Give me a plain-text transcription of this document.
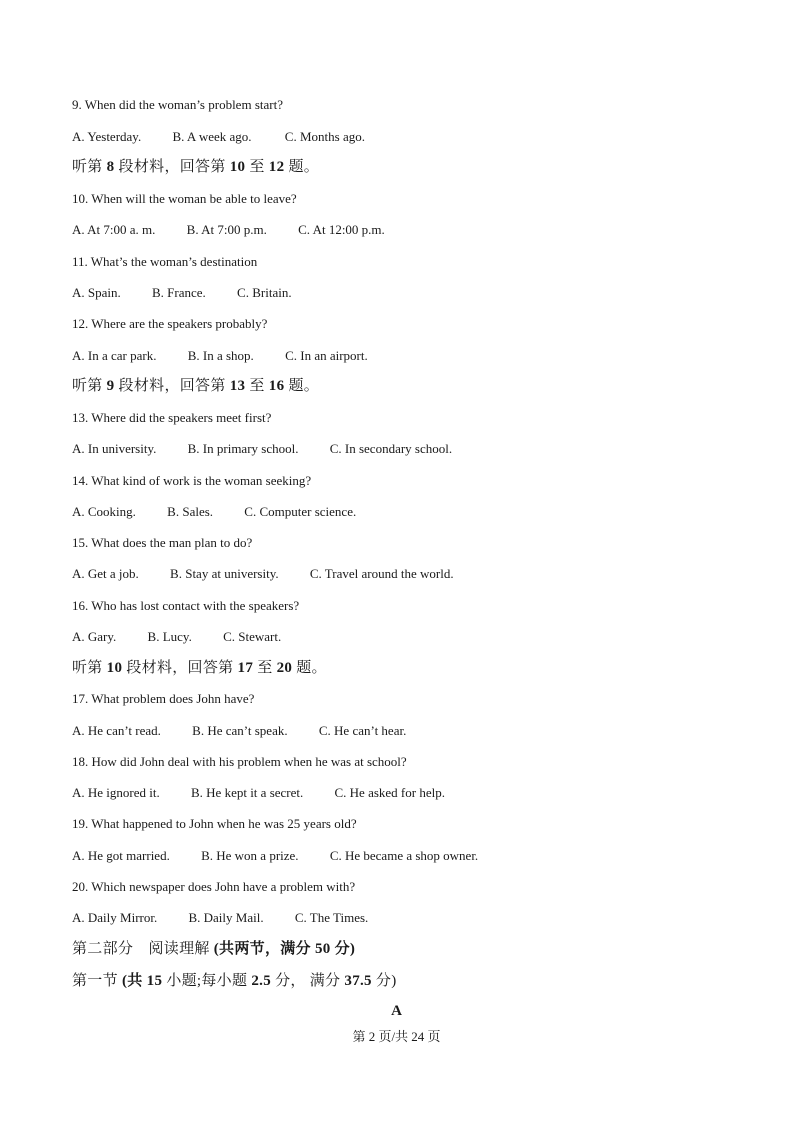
9. When did the woman’s problem start?
A. Yesterday. B. A week ago.	C. Months ago.
听第 8 段材料，回答第 10 至 12 题。
10. When will the woman be able to leave?
A. At 7:00 a. m. B. At 7:00 p.m. C. At 12:00 p.m.
11. What’s the woman’s destination
A. Spain. B. France. C. Britain.
12. Where are the speakers probably?
A. In a car park. B. In a shop. C. In an airport.
听第 9 段材料，回答第 13 至 16 题。
13. Where did the speakers meet first?
A. In university. B. In primary school. C. In secondary school.
14. What kind of work is the woman seeking?
A. Cooking. B. Sales. C. Computer science.
15. What does the man plan to do?
A. Get a job. B. Stay at university. C. Travel around the world.
16. Who has lost contact with the speakers?
A. Gary. B. Lucy. C. Stewart.
听第 10 段材料，回答第 17 至 20 题。
17. What problem does John have?
A. He can’t read. B. He can’t speak. C. He can’t hear.
18. How did John deal with his problem when he was at school?
A. He ignored it. B. He kept it a secret. C. He asked for help.
19. What happened to John when he was 25 years old?
A. He got married. B. He won a prize. C. He became a shop owner.
20. Which newspaper does John have a problem with?
A. Daily Mirror. B. Daily Mail. C. The Times.
第二部分　阅读理解 (共两节，满分 50 分)
第一节 (共 15 小题;每小题 2.5 分， 满分 37.5 分)
A
第 2 页/共 24 页
